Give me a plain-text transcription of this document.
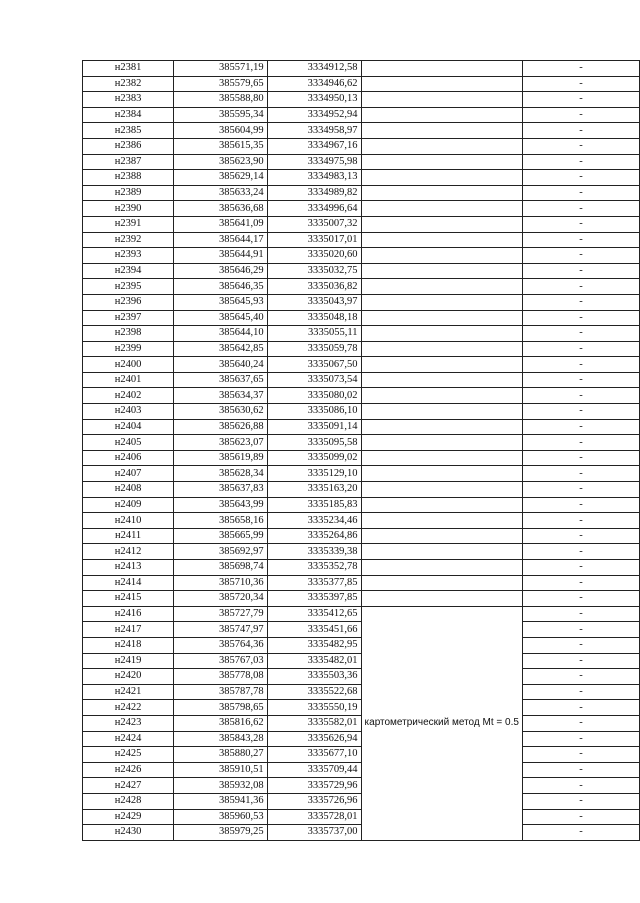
н2381	385571,19	3334912,58		-
н2382	385579,65	3334946,62		-
н2383	385588,80	3334950,13		-
н2384	385595,34	3334952,94		-
н2385	385604,99	3334958,97		-
н2386	385615,35	3334967,16		-
н2387	385623,90	3334975,98		-
н2388	385629,14	3334983,13		-
н2389	385633,24	3334989,82		-
н2390	385636,68	3334996,64		-
н2391	385641,09	3335007,32		-
н2392	385644,17	3335017,01		-
н2393	385644,91	3335020,60		-
н2394	385646,29	3335032,75		-
н2395	385646,35	3335036,82		-
н2396	385645,93	3335043,97		-
н2397	385645,40	3335048,18		-
н2398	385644,10	3335055,11		-
н2399	385642,85	3335059,78		-
н2400	385640,24	3335067,50		-
н2401	385637,65	3335073,54		-
н2402	385634,37	3335080,02		-
н2403	385630,62	3335086,10		-
н2404	385626,88	3335091,14		-
н2405	385623,07	3335095,58		-
н2406	385619,89	3335099,02		-
н2407	385628,34	3335129,10		-
н2408	385637,83	3335163,20		-
н2409	385643,99	3335185,83		-
н2410	385658,16	3335234,46		-
н2411	385665,99	3335264,86		-
н2412	385692,97	3335339,38		-
н2413	385698,74	3335352,78		-
н2414	385710,36	3335377,85		-
н2415	385720,34	3335397,85		-
н2416	385727,79	3335412,65	картометрический метод Mt = 0.5	-
н2417	385747,97	3335451,66		-
н2418	385764,36	3335482,95		-
н2419	385767,03	3335482,01		-
н2420	385778,08	3335503,36		-
н2421	385787,78	3335522,68		-
н2422	385798,65	3335550,19		-
н2423	385816,62	3335582,01		-
н2424	385843,28	3335626,94		-
н2425	385880,27	3335677,10		-
н2426	385910,51	3335709,44		-
н2427	385932,08	3335729,96		-
н2428	385941,36	3335726,96		-
н2429	385960,53	3335728,01		-
н2430	385979,25	3335737,00		-
